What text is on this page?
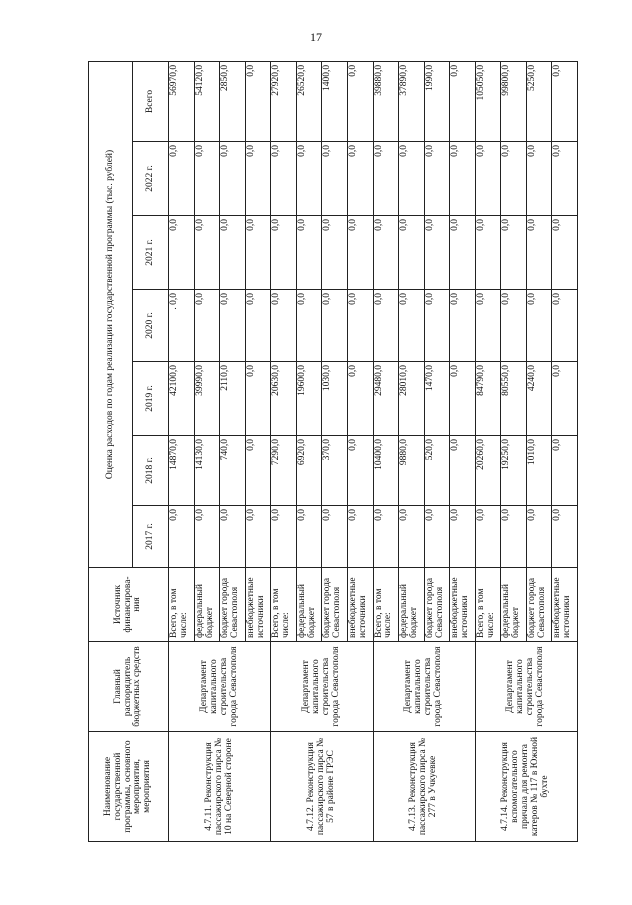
17
Наименование государственной программы, основного мероприятия, мероприятия	Главный распорядитель бюджетных средств	Источник финансирова-ния	Оценка расходов по годам реализации государственной программы (тыс. рублей)						
			2017 г.	2018 г.	2019 г.	2020 г.	2021 г.	2022 г.	Всего
4.7.11. Реконструкция пассажирского пирса № 10 на Северной стороне	Департамент капитального строительства города Севастополя	Всего, в том числе:	0,0	14870,0	42100,0	. 0,0	0,0	0,0	56970,0
		федеральный бюджет	0,0	14130,0	39990,0	0,0	0,0	0,0	54120,0
		бюджет города Севастополя	0,0	740,0	2110,0	0,0	0,0	0,0	2850,0
		внебюджетные источники	0,0	0,0	0,0	0,0	0,0	0,0	0,0
4.7.12. Реконструкция пассажирского пирса № 57 в районе ГРЭС	Департамент капитального строительства города Севастополя	Всего, в том числе:	0,0	7290,0	20630,0	0,0	0,0	0,0	27920,0
		федеральный бюджет	0,0	6920,0	19600,0	0,0	0,0	0,0	26520,0
		бюджет города Севастополя	0,0	370,0	1030,0	0,0	0,0	0,0	1400,0
		внебюджетные источники	0,0	0,0	0,0	0,0	0,0	0,0	0,0
4.7.13. Реконструкция пассажирского пирса № 277 в Учкуевке	Департамент капитального строительства города Севастополя	Всего, в том числе:	0,0	10400,0	29480,0	0,0	0,0	0,0	39880,0
		федеральный бюджет	0,0	9880,0	28010,0	0,0	0,0	0,0	37890,0
		бюджет города Севастополя	0,0	520,0	1470,0	0,0	0,0	0,0	1990,0
		внебюджетные источники	0,0	0,0	0,0	0,0	0,0	0,0	0,0
4.7.14. Реконструкция вспомогательного причала для ремонта катеров № 117 в Южной бухте	Департамент капитального строительства города Севастополя	Всего, в том числе:	0,0	20260,0	84790,0	0,0	0,0	0,0	105050,0
		федеральный бюджет	0,0	19250,0	80550,0	0,0	0,0	0,0	99800,0
		бюджет города Севастополя	0,0	1010,0	4240,0	0,0	0,0	0,0	5250,0
		внебюджетные источники	0,0	0,0	0,0	0,0	0,0	0,0	0,0
